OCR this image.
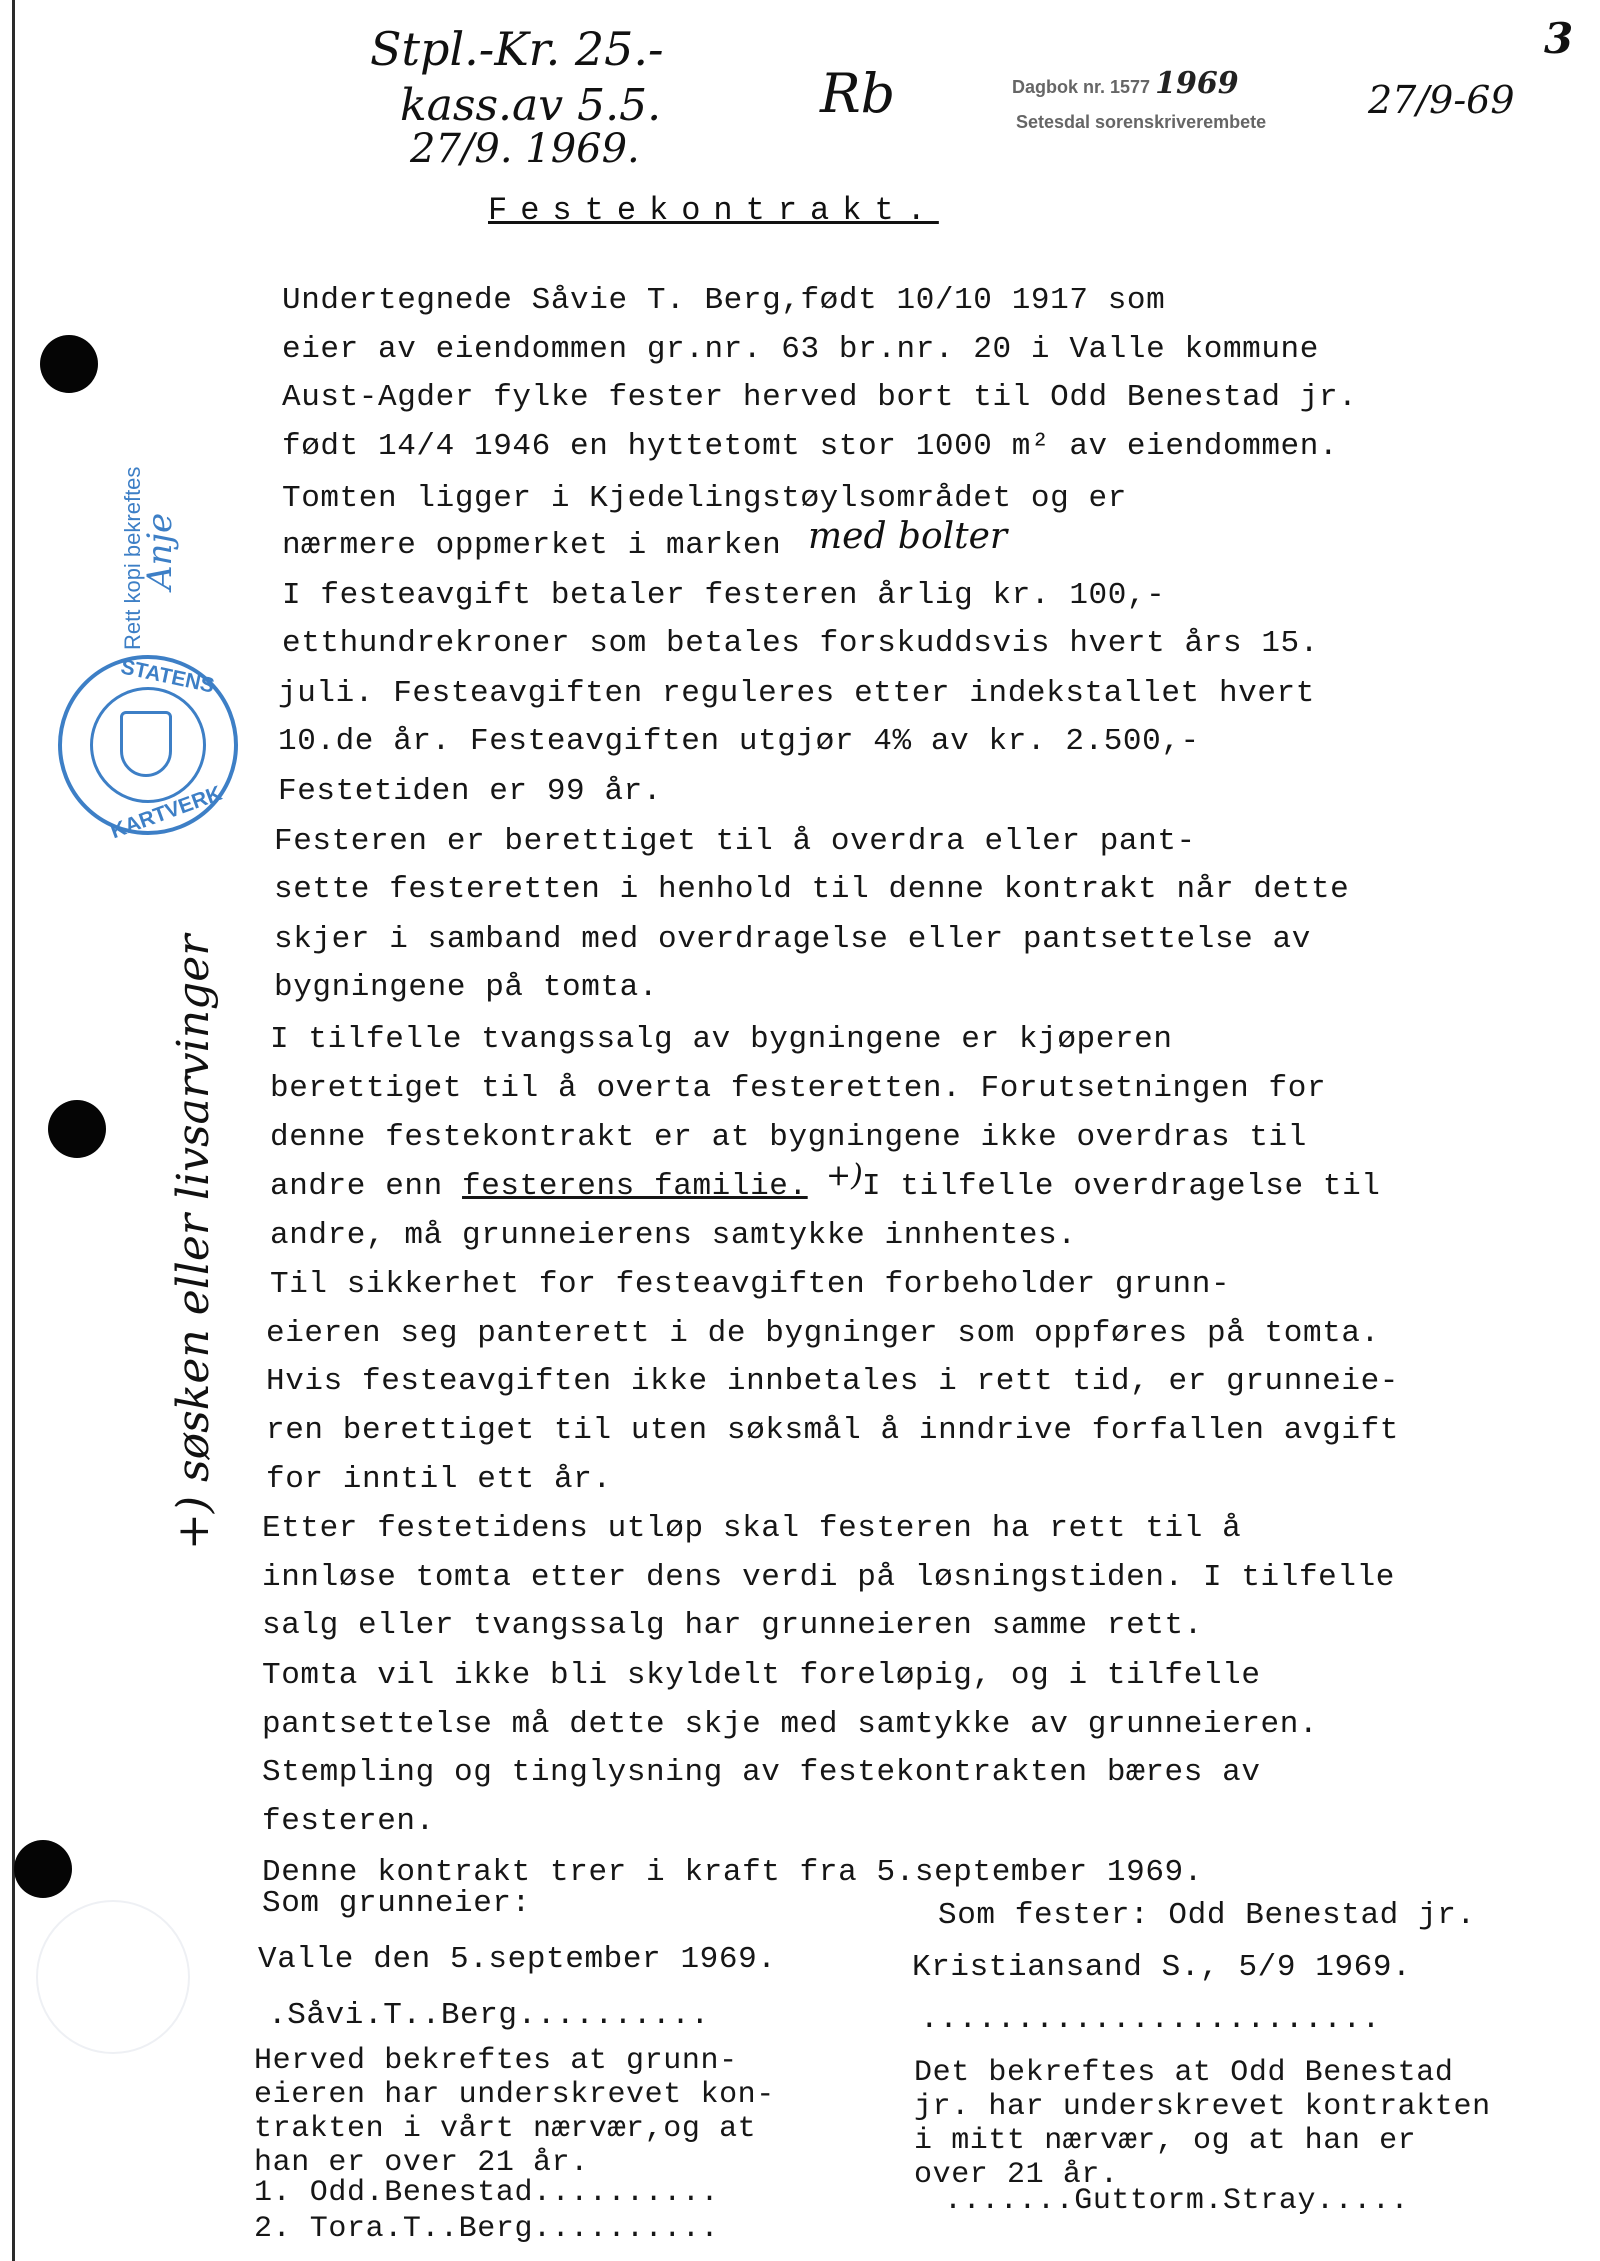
Stpl.-Kr. 25.-
kass.av 5.5.
27/9. 1969.
Rb	27/9-69
3
Dagbok nr. 1577 1969
Setesdal sorenskriverembete
Festekontrakt.
Rett kopi bekreftes
Anje
STATENS
KARTVERK
+) søsken eller livsarvinger
Undertegnede Såvie T. Berg,født 10/10 1917 som
eier av eiendommen gr.nr. 63 br.nr. 20 i Valle kommune
Aust-Agder fylke fester herved bort til Odd Benestad jr.
født 14/4 1946 en hyttetomt stor 1000 m² av eiendommen.
Tomten ligger i Kjedelingstøylsområdet og er
nærmere oppmerket i marken med bolter
I festeavgift betaler festeren årlig kr. 100,-
etthundrekroner som betales forskuddsvis hvert års 15.
juli. Festeavgiften reguleres etter indekstallet hvert
10.de år. Festeavgiften utgjør 4% av kr. 2.500,-
Festetiden er 99 år.
Festeren er berettiget til å overdra eller pant-
sette festeretten i henhold til denne kontrakt når dette
skjer i samband med overdragelse eller pantsettelse av
bygningene på tomta.
I tilfelle tvangssalg av bygningene er kjøperen
berettiget til å overta festeretten. Forutsetningen for
denne festekontrakt er at bygningene ikke overdras til
andre enn festerens familie. +) I tilfelle overdragelse til
andre, må grunneierens samtykke innhentes.
Til sikkerhet for festeavgiften forbeholder grunn-
eieren seg panterett i de bygninger som oppføres på tomta.
Hvis festeavgiften ikke innbetales i rett tid, er grunneie-
ren berettiget til uten søksmål å inndrive forfallen avgift
for inntil ett år.
Etter festetidens utløp skal festeren ha rett til å
innløse tomta etter dens verdi på løsningstiden. I tilfelle
salg eller tvangssalg har grunneieren samme rett.
Tomta vil ikke bli skyldelt foreløpig, og i tilfelle
pantsettelse må dette skje med samtykke av grunneieren.
Stempling og tinglysning av festekontrakten bæres av
festeren.
Denne kontrakt trer i kraft fra 5.september 1969.
Som grunneier:
Valle den 5.september 1969.
.Såvi.T..Berg..........
Herved bekreftes at grunn-
eieren har underskrevet kon-
trakten i vårt nærvær,og at
han er over 21 år.
1. Odd.Benestad..........
2. Tora.T..Berg..........
Som fester: Odd Benestad jr.
Kristiansand S., 5/9 1969.
........................
Det bekreftes at Odd Benestad
jr. har underskrevet kontrakten
i mitt nærvær, og at han er
over 21 år.
.......Guttorm.Stray.....
